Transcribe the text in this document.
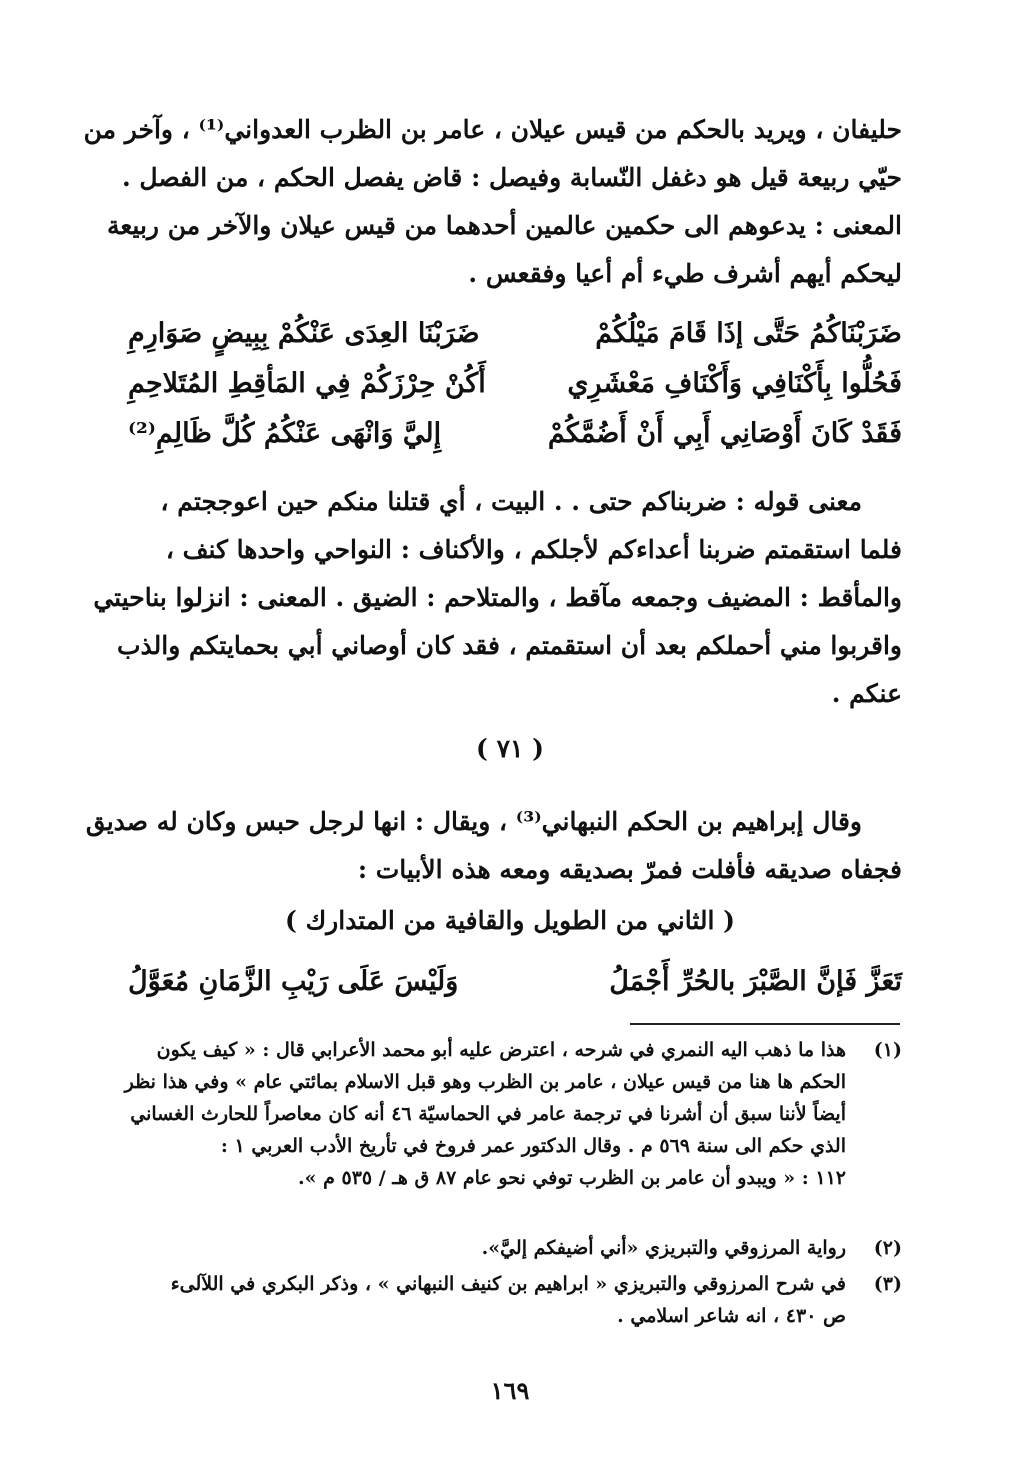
حليفان ، ويريد بالحكم من قيس عيلان ، عامر بن الظرب العدواني⁽¹⁾ ، وآخر من
حيّي ربيعة قيل هو دغفل النّسابة وفيصل : قاض يفصل الحكم ، من الفصل .
المعنى : يدعوهم الى حكمين عالمين أحدهما من قيس عيلان والآخر من ربيعة
ليحكم أيهم أشرف طيء أم أعيا وفقعس .
ضَرَبْنَاكُمُ حَتَّى إذَا قَامَ مَيْلُكُمْ
ضَرَبْنَا العِدَى عَنْكُمْ بِبِيضٍ صَوَارِمِ
فَحُلُّوا بِأَكْنَافِي وَأَكْنَافِ مَعْشَرِي
أَكُنْ حِرْزَكُمْ فِي المَأقِطِ المُتَلاحِمِ
فَقَدْ كَانَ أَوْصَانِي أَبِي أَنْ أَضُمَّكُمْ
إِليَّ وَانْهَى عَنْكُمُ كُلَّ ظَالِمِ⁽²⁾
معنى قوله : ضربناكم حتى . . البيت ، أي قتلنا منكم حين اعوججتم ،
فلما استقمتم ضربنا أعداءكم لأجلكم ، والأكناف : النواحي واحدها كنف ،
والمأقط : المضيف وجمعه مآقط ، والمتلاحم : الضيق . المعنى : انزلوا بناحيتي
واقربوا مني أحملكم بعد أن استقمتم ، فقد كان أوصاني أبي بحمايتكم والذب
عنكم .
( ٧١ )
وقال إبراهيم بن الحكم النبهاني⁽³⁾ ، ويقال : انها لرجل حبس وكان له صديق
فجفاه صديقه فأفلت فمرّ بصديقه ومعه هذه الأبيات :
( الثاني من الطويل والقافية من المتدارك )
تَعَزَّ فَإنَّ الصَّبْرَ بالحُرِّ أَجْمَلُ
وَلَيْسَ عَلَى رَيْبِ الزَّمَانِ مُعَوَّلُ
(١)
هذا ما ذهب اليه النمري في شرحه ، اعترض عليه أبو محمد الأعرابي قال : « كيف يكون
الحكم ها هنا من قيس عيلان ، عامر بن الظرب وهو قبل الاسلام بمائتي عام » وفي هذا نظر
أيضاً لأننا سبق أن أشرنا في ترجمة عامر في الحماسيّة ٤٦ أنه كان معاصراً للحارث الغساني
الذي حكم الى سنة ٥٦٩ م . وقال الدكتور عمر فروخ في تأريخ الأدب العربي ١ :
١١٢ : « ويبدو أن عامر بن الظرب توفي نحو عام ٨٧ ق هـ / ٥٣٥ م ».
(٢)
رواية المرزوقي والتبريزي «أني أضيفكم إليَّ».
(٣)
في شرح المرزوقي والتبريزي « ابراهيم بن كنيف النبهاني » ، وذكر البكري في اللآلىء
ص ٤٣٠ ، انه شاعر اسلامي .
١٦٩
